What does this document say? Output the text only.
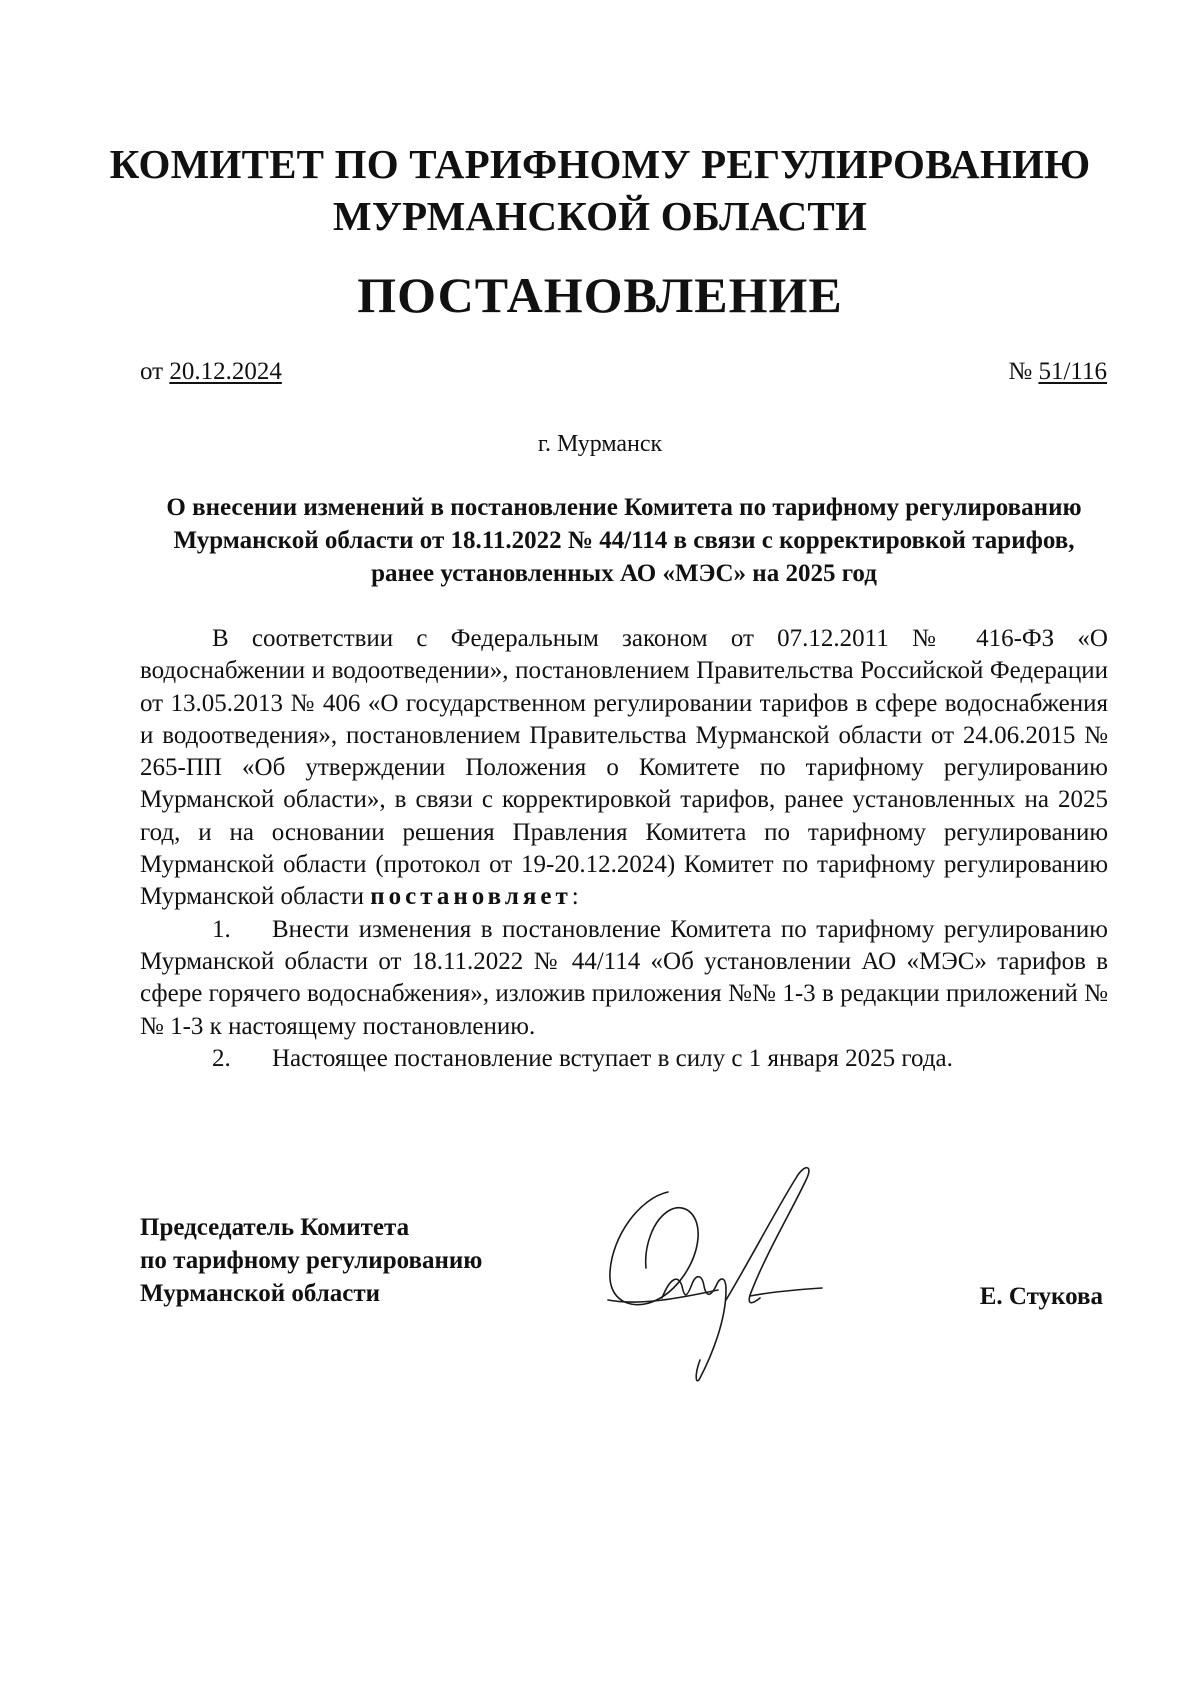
КОМИТЕТ ПО ТАРИФНОМУ РЕГУЛИРОВАНИЮ
МУРМАНСКОЙ ОБЛАСТИ
ПОСТАНОВЛЕНИЕ
от 20.12.2024	№ 51/116
г. Мурманск
О внесении изменений в постановление Комитета по тарифному регулированию Мурманской области от 18.11.2022 № 44/114 в связи с корректировкой тарифов, ранее установленных АО «МЭС» на 2025 год

В соответствии с Федеральным законом от 07.12.2011 № 416-ФЗ «О водоснабжении и водоотведении», постановлением Правительства Российской Федерации от 13.05.2013 № 406 «О государственном регулировании тарифов в сфере водоснабжения и водоотведения», постановлением Правительства Мурманской области от 24.06.2015 № 265-ПП «Об утверждении Положения о Комитете по тарифному регулированию Мурманской области», в связи с корректировкой тарифов, ранее установленных на 2025 год, и на основании решения Правления Комитета по тарифному регулированию Мурманской области (протокол от 19-20.12.2024) Комитет по тарифному регулированию Мурманской области постановляет:

1. Внести изменения в постановление Комитета по тарифному регулированию Мурманской области от 18.11.2022 № 44/114 «Об установлении АО «МЭС» тарифов в сфере горячего водоснабжения», изложив приложения №№ 1-3 в редакции приложений №№ 1-3 к настоящему постановлению.

2. Настоящее постановление вступает в силу с 1 января 2025 года.

Председатель Комитета
по тарифному регулированию
Мурманской области	Е. Стукова
